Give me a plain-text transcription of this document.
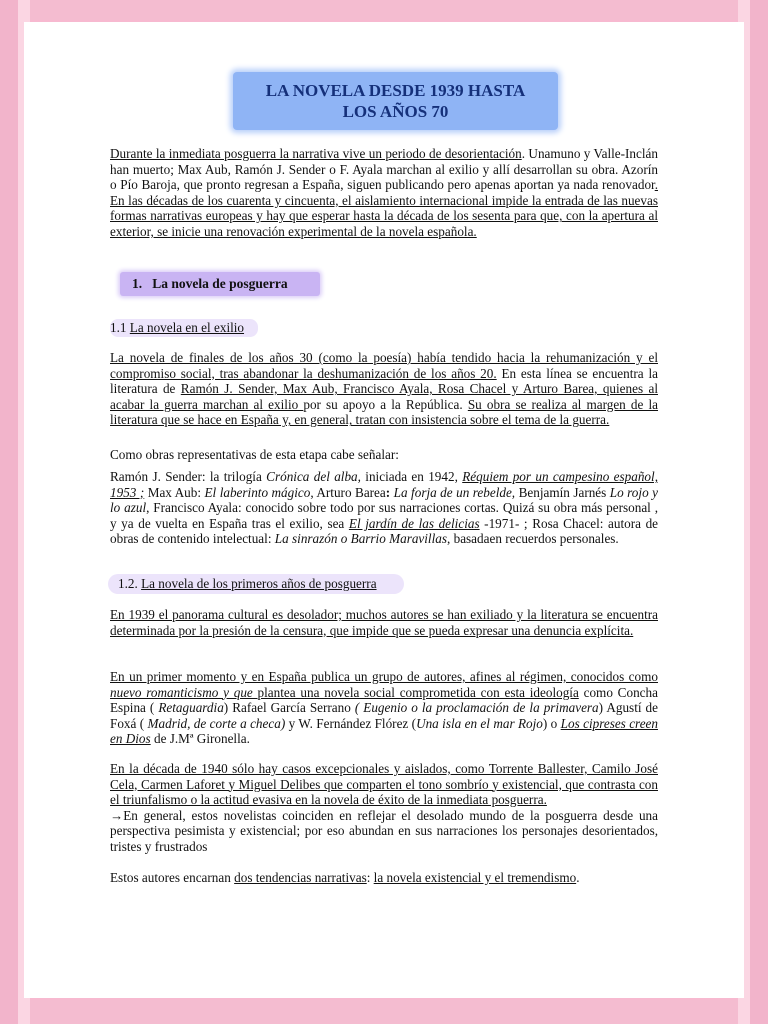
LA NOVELA DESDE 1939 HASTA
LOS AÑOS 70
Durante la inmediata posguerra la narrativa vive un periodo de desorientación. Unamuno y Valle-Inclán han muerto; Max Aub, Ramón J. Sender o F. Ayala marchan al exilio y allí desarrollan su obra. Azorín o Pío Baroja, que pronto regresan a España, siguen publicando pero apenas aportan ya nada renovador. En las décadas de los cuarenta y cincuenta, el aislamiento internacional impide la entrada de las nuevas formas narrativas europeas y hay que esperar hasta la década de los sesenta para que, con la apertura al exterior, se inicie una renovación experimental de la novela española.
1. La novela de posguerra
1.1 La novela en el exilio
La novela de finales de los años 30 (como la poesía) había tendido hacia la rehumanización y el compromiso social, tras abandonar la deshumanización de los años 20. En esta línea se encuentra la literatura de Ramón J. Sender, Max Aub, Francisco Ayala, Rosa Chacel y Arturo Barea, quienes al acabar la guerra marchan al exilio por su apoyo a la República. Su obra se realiza al margen de la literatura que se hace en España y, en general, tratan con insistencia sobre el tema de la guerra.
Como obras representativas de esta etapa cabe señalar:
Ramón J. Sender: la trilogía Crónica del alba, iniciada en 1942, Réquiem por un campesino español, 1953 ; Max Aub: El laberinto mágico, Arturo Barea: La forja de un rebelde, Benjamín Jarnés Lo rojo y lo azul, Francisco Ayala: conocido sobre todo por sus narraciones cortas. Quizá su obra más personal , y ya de vuelta en España tras el exilio, sea El jardín de las delicias -1971- ; Rosa Chacel: autora de obras de contenido intelectual: La sinrazón o Barrio Maravillas, basadaen recuerdos personales.
1.2. La novela de los primeros años de posguerra
En 1939 el panorama cultural es desolador; muchos autores se han exiliado y la literatura se encuentra determinada por la presión de la censura, que impide que se pueda expresar una denuncia explícita.
En un primer momento y en España publica un grupo de autores, afines al régimen, conocidos como nuevo romanticismo y que plantea una novela social comprometida con esta ideología como Concha Espina ( Retaguardia) Rafael García Serrano ( Eugenio o la proclamación de la primavera) Agustí de Foxá ( Madrid, de corte a checa) y W. Fernández Flórez (Una isla en el mar Rojo) o Los cipreses creen en Dios de J.Mª Gironella.
En la década de 1940 sólo hay casos excepcionales y aislados, como Torrente Ballester, Camilo José Cela, Carmen Laforet y Miguel Delibes que comparten el tono sombrío y existencial, que contrasta con el triunfalismo o la actitud evasiva en la novela de éxito de la inmediata posguerra.
→En general, estos novelistas coinciden en reflejar el desolado mundo de la posguerra desde una perspectiva pesimista y existencial; por eso abundan en sus narraciones los personajes desorientados, tristes y frustrados
Estos autores encarnan dos tendencias narrativas: la novela existencial y el tremendismo.
